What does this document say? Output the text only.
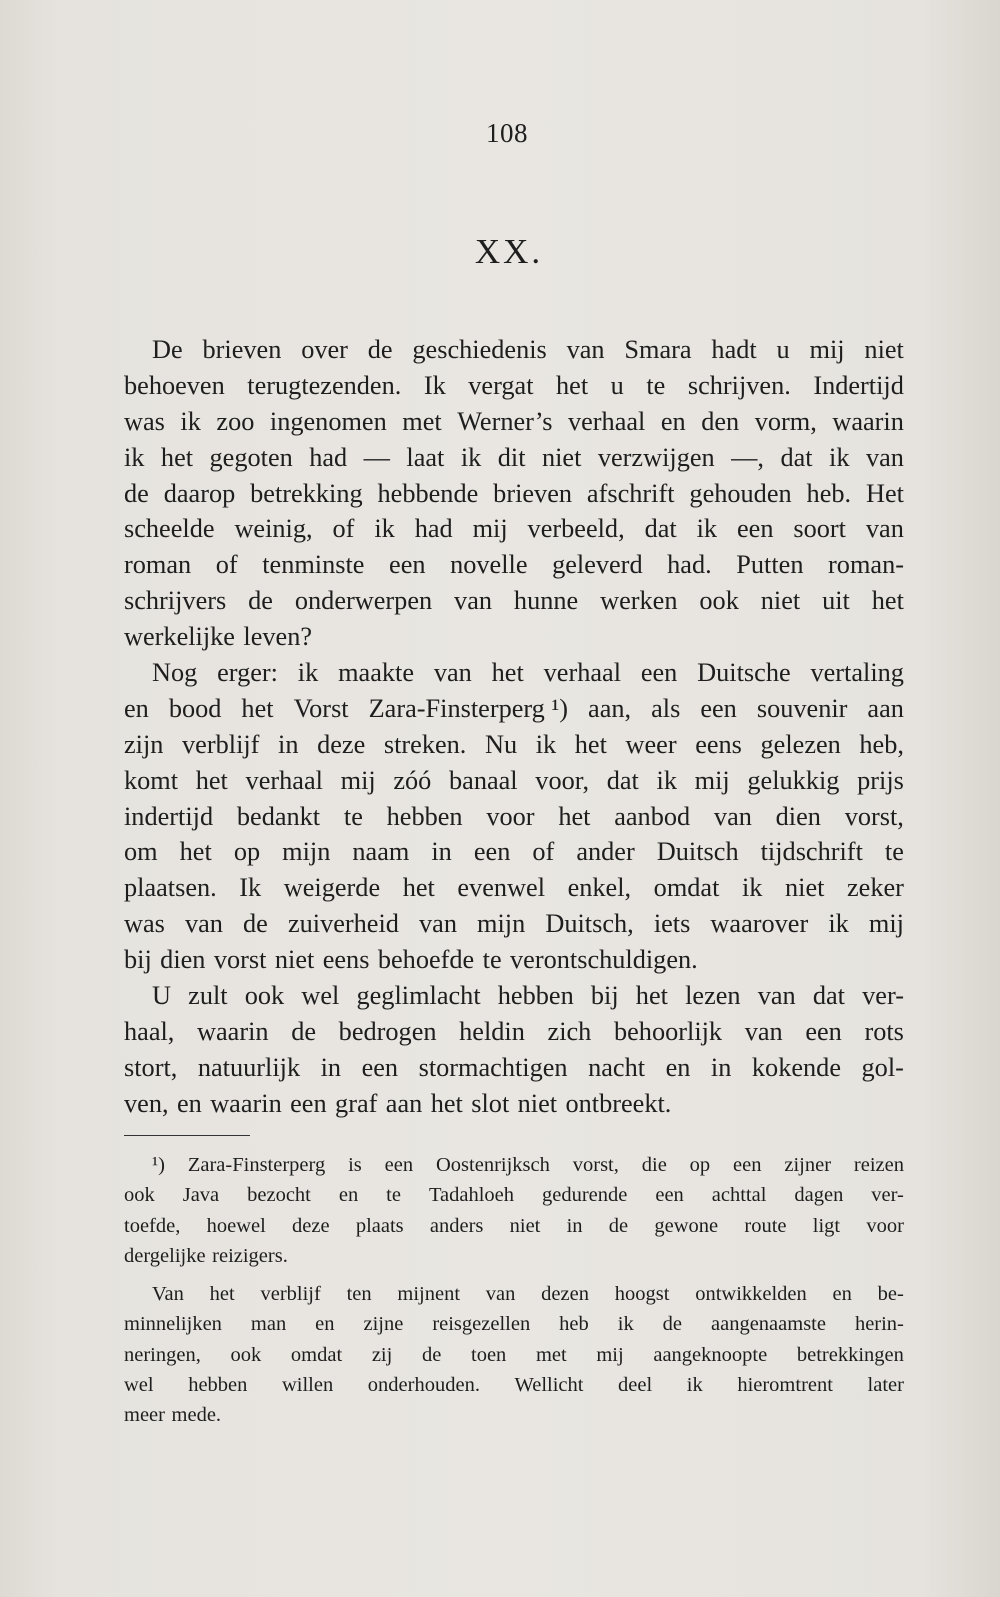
108
XX.
De brieven over de geschiedenis van Smara hadt u mij niet
behoeven terugtezenden. Ik vergat het u te schrijven. Indertijd
was ik zoo ingenomen met Werner’s verhaal en den vorm, waarin
ik het gegoten had — laat ik dit niet verzwijgen —, dat ik van
de daarop betrekking hebbende brieven afschrift gehouden heb. Het
scheelde weinig, of ik had mij verbeeld, dat ik een soort van
roman of tenminste een novelle geleverd had. Putten roman-
schrijvers de onderwerpen van hunne werken ook niet uit het
werkelijke leven?
Nog erger: ik maakte van het verhaal een Duitsche vertaling
en bood het Vorst Zara-Finsterperg ¹) aan, als een souvenir aan
zijn verblijf in deze streken. Nu ik het weer eens gelezen heb,
komt het verhaal mij zóó banaal voor, dat ik mij gelukkig prijs
indertijd bedankt te hebben voor het aanbod van dien vorst,
om het op mijn naam in een of ander Duitsch tijdschrift te
plaatsen. Ik weigerde het evenwel enkel, omdat ik niet zeker
was van de zuiverheid van mijn Duitsch, iets waarover ik mij
bij dien vorst niet eens behoefde te verontschuldigen.
U zult ook wel geglimlacht hebben bij het lezen van dat ver-
haal, waarin de bedrogen heldin zich behoorlijk van een rots
stort, natuurlijk in een stormachtigen nacht en in kokende gol-
ven, en waarin een graf aan het slot niet ontbreekt.
¹) Zara-Finsterperg is een Oostenrijksch vorst, die op een zijner reizen
ook Java bezocht en te Tadahloeh gedurende een achttal dagen ver-
toefde, hoewel deze plaats anders niet in de gewone route ligt voor
dergelijke reizigers.
Van het verblijf ten mijnent van dezen hoogst ontwikkelden en be-
minnelijken man en zijne reisgezellen heb ik de aangenaamste herin-
neringen, ook omdat zij de toen met mij aangeknoopte betrekkingen
wel hebben willen onderhouden. Wellicht deel ik hieromtrent later
meer mede.
